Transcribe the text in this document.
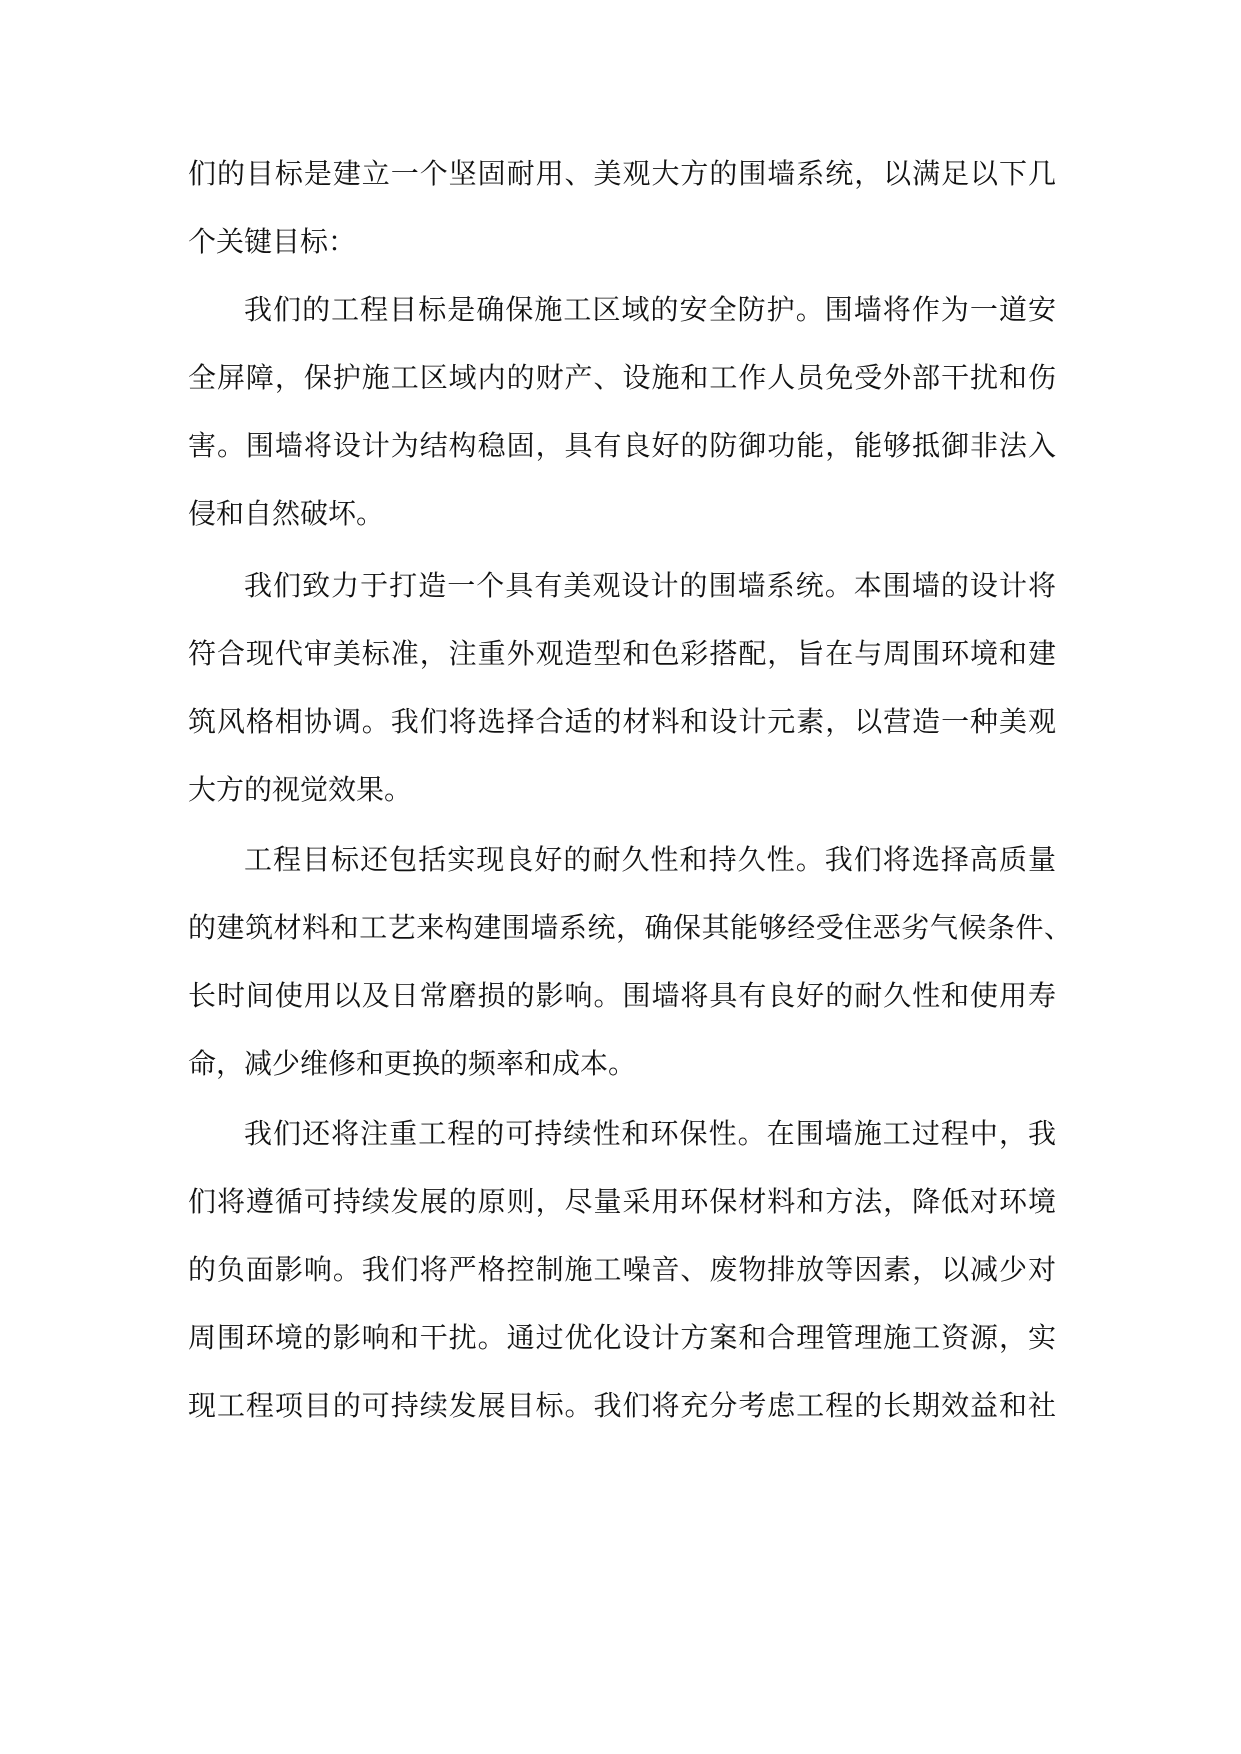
们的目标是建立一个坚固耐用、美观大方的围墙系统，以满足以下几
个关键目标：
我们的工程目标是确保施工区域的安全防护。围墙将作为一道安
全屏障，保护施工区域内的财产、设施和工作人员免受外部干扰和伤
害。围墙将设计为结构稳固，具有良好的防御功能，能够抵御非法入
侵和自然破坏。
我们致力于打造一个具有美观设计的围墙系统。本围墙的设计将
符合现代审美标准，注重外观造型和色彩搭配，旨在与周围环境和建
筑风格相协调。我们将选择合适的材料和设计元素，以营造一种美观
大方的视觉效果。
工程目标还包括实现良好的耐久性和持久性。我们将选择高质量
的建筑材料和工艺来构建围墙系统，确保其能够经受住恶劣气候条件、
长时间使用以及日常磨损的影响。围墙将具有良好的耐久性和使用寿
命，减少维修和更换的频率和成本。
我们还将注重工程的可持续性和环保性。在围墙施工过程中，我
们将遵循可持续发展的原则，尽量采用环保材料和方法，降低对环境
的负面影响。我们将严格控制施工噪音、废物排放等因素，以减少对
周围环境的影响和干扰。通过优化设计方案和合理管理施工资源，实
现工程项目的可持续发展目标。我们将充分考虑工程的长期效益和社
